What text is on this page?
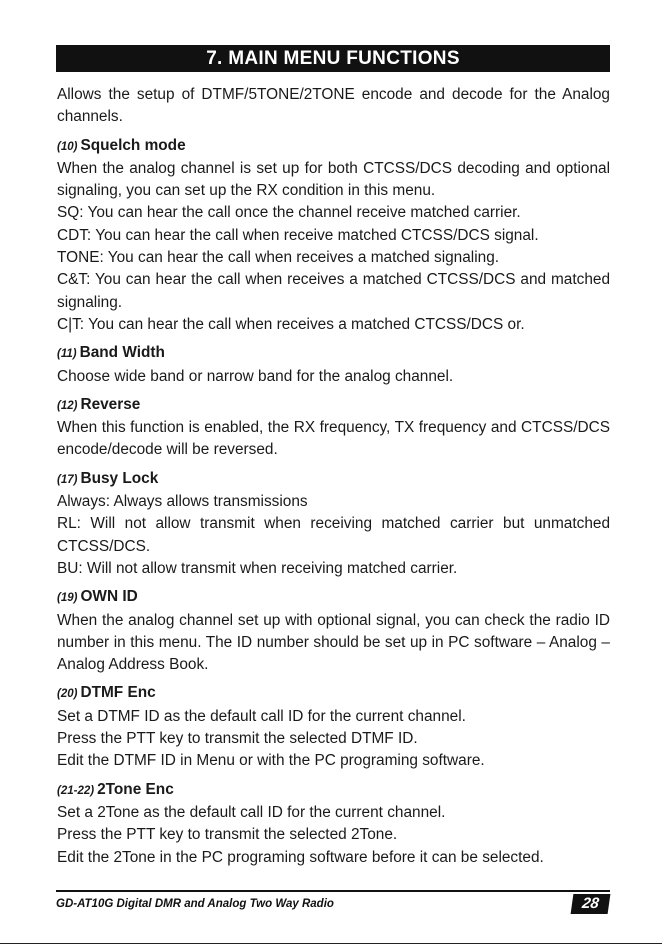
7. MAIN MENU FUNCTIONS

Allows the setup of DTMF/5TONE/2TONE encode and decode for the Analog channels.

(10) Squelch mode

When the analog channel is set up for both CTCSS/DCS decoding and optional signaling, you can set up the RX condition in this menu.

SQ: You can hear the call once the channel receive matched carrier.

CDT: You can hear the call when receive matched CTCSS/DCS signal.

TONE: You can hear the call when receives a matched signaling.

C&T: You can hear the call when receives a matched CTCSS/DCS and matched signaling.

C|T: You can hear the call when receives a matched CTCSS/DCS or.

(11) Band Width

Choose wide band or narrow band for the analog channel.

(12) Reverse

When this function is enabled, the RX frequency, TX frequency and CTCSS/DCS encode/decode will be reversed.

(17) Busy Lock

Always: Always allows transmissions

RL: Will not allow transmit when receiving matched carrier but unmatched CTCSS/DCS.

BU: Will not allow transmit when receiving matched carrier.

(19) OWN ID

When the analog channel set up with optional signal, you can check the radio ID number in this menu. The ID number should be set up in PC software – Analog – Analog Address Book.

(20) DTMF Enc

Set a DTMF ID as the default call ID for the current channel.

Press the PTT key to transmit the selected DTMF ID.

Edit the DTMF ID in Menu or with the PC programing software.

(21-22) 2Tone Enc

Set a 2Tone as the default call ID for the current channel.

Press the PTT key to transmit the selected 2Tone.

Edit the 2Tone in the PC programing software before it can be selected.

GD-AT10G Digital DMR and Analog Two Way Radio	28
